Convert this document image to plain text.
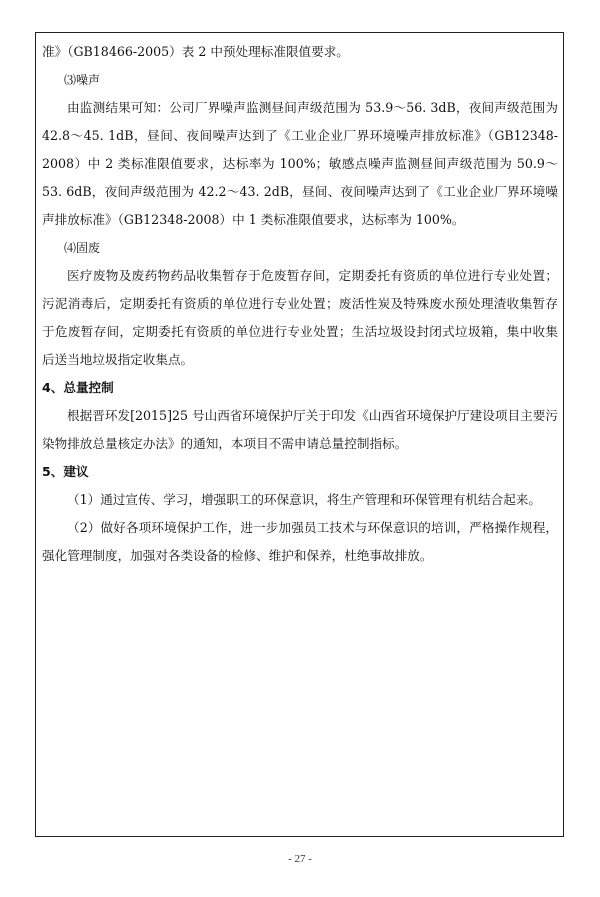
准》（GB18466-2005）表 2 中预处理标准限值要求。

⑶噪声

由监测结果可知：公司厂界噪声监测昼间声级范围为 53.9～56. 3dB，夜间声级范围为 42.8～45. 1dB，昼间、夜间噪声达到了《工业企业厂界环境噪声排放标准》（GB12348-2008）中 2 类标准限值要求，达标率为 100%；敏感点噪声监测昼间声级范围为 50.9～53. 6dB，夜间声级范围为 42.2～43. 2dB，昼间、夜间噪声达到了《工业企业厂界环境噪声排放标准》（GB12348-2008）中 1 类标准限值要求，达标率为 100%。

⑷固废

医疗废物及废药物药品收集暂存于危废暂存间，定期委托有资质的单位进行专业处置；污泥消毒后，定期委托有资质的单位进行专业处置；废活性炭及特殊废水预处理渣收集暂存于危废暂存间，定期委托有资质的单位进行专业处置；生活垃圾设封闭式垃圾箱，集中收集后送当地垃圾指定收集点。

4、总量控制

根据晋环发[2015]25 号山西省环境保护厅关于印发《山西省环境保护厅建设项目主要污染物排放总量核定办法》的通知，本项目不需申请总量控制指标。

5、建议

（1）通过宣传、学习，增强职工的环保意识，将生产管理和环保管理有机结合起来。

（2）做好各项环境保护工作，进一步加强员工技术与环保意识的培训，严格操作规程，强化管理制度，加强对各类设备的检修、维护和保养，杜绝事故排放。

- 27 -
